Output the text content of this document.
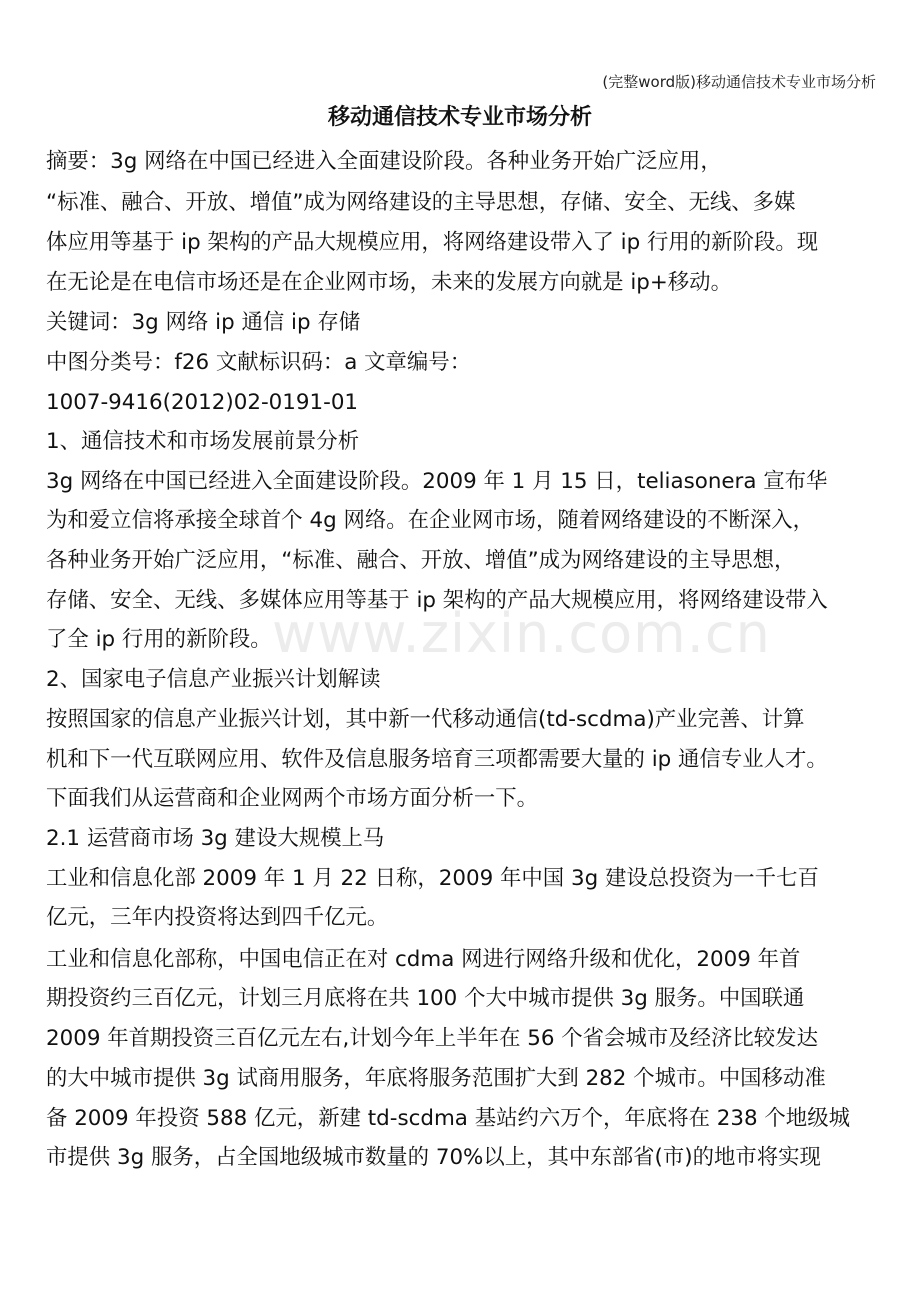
(完整word版)移动通信技术专业市场分析
移动通信技术专业市场分析
摘要：3g 网络在中国已经进入全面建设阶段。各种业务开始广泛应用，
“标准、融合、开放、增值”成为网络建设的主导思想，存储、安全、无线、多媒
体应用等基于 ip 架构的产品大规模应用，将网络建设带入了 ip 行用的新阶段。现
在无论是在电信市场还是在企业网市场，未来的发展方向就是 ip+移动。
关键词：3g 网络 ip 通信 ip 存储
中图分类号：f26 文献标识码：a 文章编号：
1007-9416(2012)02-0191-01
1、通信技术和市场发展前景分析
3g 网络在中国已经进入全面建设阶段。2009 年 1 月 15 日，teliasonera 宣布华
为和爱立信将承接全球首个 4g 网络。在企业网市场，随着网络建设的不断深入，
各种业务开始广泛应用，“标准、融合、开放、增值”成为网络建设的主导思想，
存储、安全、无线、多媒体应用等基于 ip 架构的产品大规模应用，将网络建设带入
了全 ip 行用的新阶段。
2、国家电子信息产业振兴计划解读
按照国家的信息产业振兴计划，其中新一代移动通信(td-scdma)产业完善、计算
机和下一代互联网应用、软件及信息服务培育三项都需要大量的 ip 通信专业人才。
下面我们从运营商和企业网两个市场方面分析一下。
2.1 运营商市场 3g 建设大规模上马
工业和信息化部 2009 年 1 月 22 日称，2009 年中国 3g 建设总投资为一千七百
亿元，三年内投资将达到四千亿元。
工业和信息化部称，中国电信正在对 cdma 网进行网络升级和优化，2009 年首
期投资约三百亿元，计划三月底将在共 100 个大中城市提供 3g 服务。中国联通
2009 年首期投资三百亿元左右,计划今年上半年在 56 个省会城市及经济比较发达
的大中城市提供 3g 试商用服务，年底将服务范围扩大到 282 个城市。中国移动准
备 2009 年投资 588 亿元，新建 td-scdma 基站约六万个，年底将在 238 个地级城
市提供 3g 服务，占全国地级城市数量的 70%以上，其中东部省(市)的地市将实现
www.zixin.com.cn
